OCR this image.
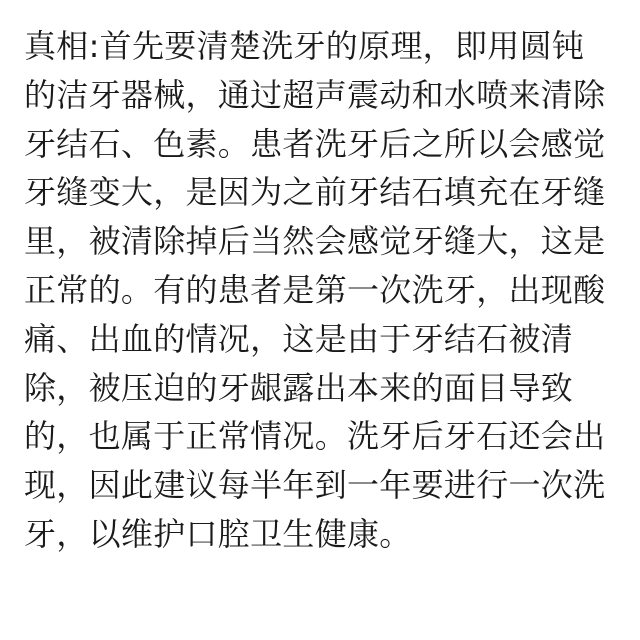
真相:首先要清楚洗牙的原理，即用圆钝
的洁牙器械，通过超声震动和水喷来清除
牙结石、色素。患者洗牙后之所以会感觉
牙缝变大，是因为之前牙结石填充在牙缝
里，被清除掉后当然会感觉牙缝大，这是
正常的。有的患者是第一次洗牙，出现酸
痛、出血的情况，这是由于牙结石被清
除，被压迫的牙龈露出本来的面目导致
的，也属于正常情况。洗牙后牙石还会出
现，因此建议每半年到一年要进行一次洗
牙，以维护口腔卫生健康。
